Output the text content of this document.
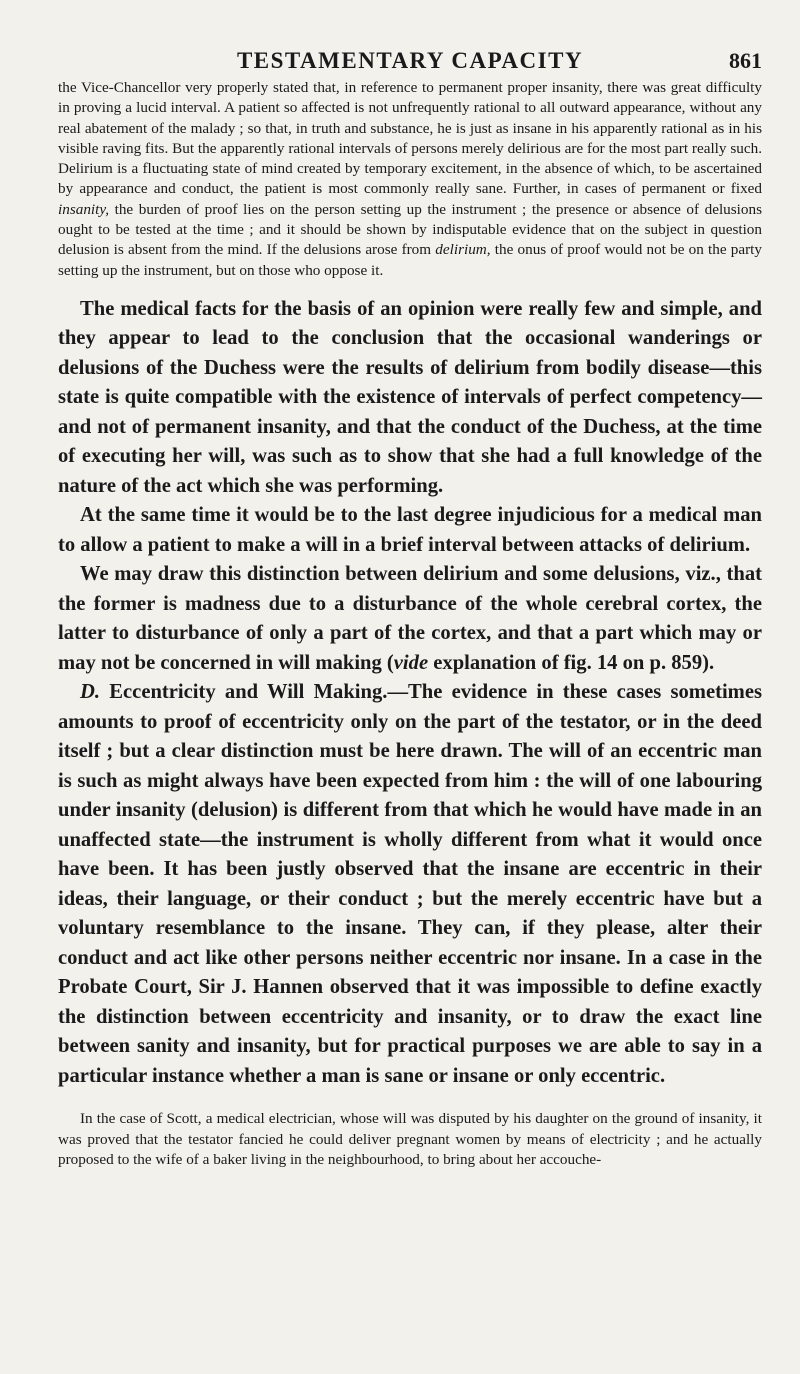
TESTAMENTARY CAPACITY	861

the Vice-Chancellor very properly stated that, in reference to permanent proper insanity, there was great difficulty in proving a lucid interval. A patient so affected is not unfrequently rational to all outward appearance, without any real abatement of the malady ; so that, in truth and substance, he is just as insane in his apparently rational as in his visible raving fits. But the apparently rational intervals of persons merely delirious are for the most part really such. Delirium is a fluctuating state of mind created by temporary excitement, in the absence of which, to be ascertained by appearance and conduct, the patient is most commonly really sane. Further, in cases of permanent or fixed insanity, the burden of proof lies on the person setting up the instrument ; the presence or absence of delusions ought to be tested at the time ; and it should be shown by indisputable evidence that on the subject in question delusion is absent from the mind. If the delusions arose from delirium, the onus of proof would not be on the party setting up the instrument, but on those who oppose it.

The medical facts for the basis of an opinion were really few and simple, and they appear to lead to the conclusion that the occasional wanderings or delusions of the Duchess were the results of delirium from bodily disease—this state is quite compatible with the existence of intervals of perfect competency—and not of permanent insanity, and that the conduct of the Duchess, at the time of executing her will, was such as to show that she had a full knowledge of the nature of the act which she was performing.

At the same time it would be to the last degree injudicious for a medical man to allow a patient to make a will in a brief interval between attacks of delirium.

We may draw this distinction between delirium and some delusions, viz., that the former is madness due to a disturbance of the whole cerebral cortex, the latter to disturbance of only a part of the cortex, and that a part which may or may not be concerned in will making (vide explanation of fig. 14 on p. 859).

D. Eccentricity and Will Making.—The evidence in these cases sometimes amounts to proof of eccentricity only on the part of the testator, or in the deed itself ; but a clear distinction must be here drawn. The will of an eccentric man is such as might always have been expected from him : the will of one labouring under insanity (delusion) is different from that which he would have made in an unaffected state—the instrument is wholly different from what it would once have been. It has been justly observed that the insane are eccentric in their ideas, their language, or their conduct ; but the merely eccentric have but a voluntary resemblance to the insane. They can, if they please, alter their conduct and act like other persons neither eccentric nor insane. In a case in the Probate Court, Sir J. Hannen observed that it was impossible to define exactly the distinction between eccentricity and insanity, or to draw the exact line between sanity and insanity, but for practical purposes we are able to say in a particular instance whether a man is sane or insane or only eccentric.

In the case of Scott, a medical electrician, whose will was disputed by his daughter on the ground of insanity, it was proved that the testator fancied he could deliver pregnant women by means of electricity ; and he actually proposed to the wife of a baker living in the neighbourhood, to bring about her accouche-
